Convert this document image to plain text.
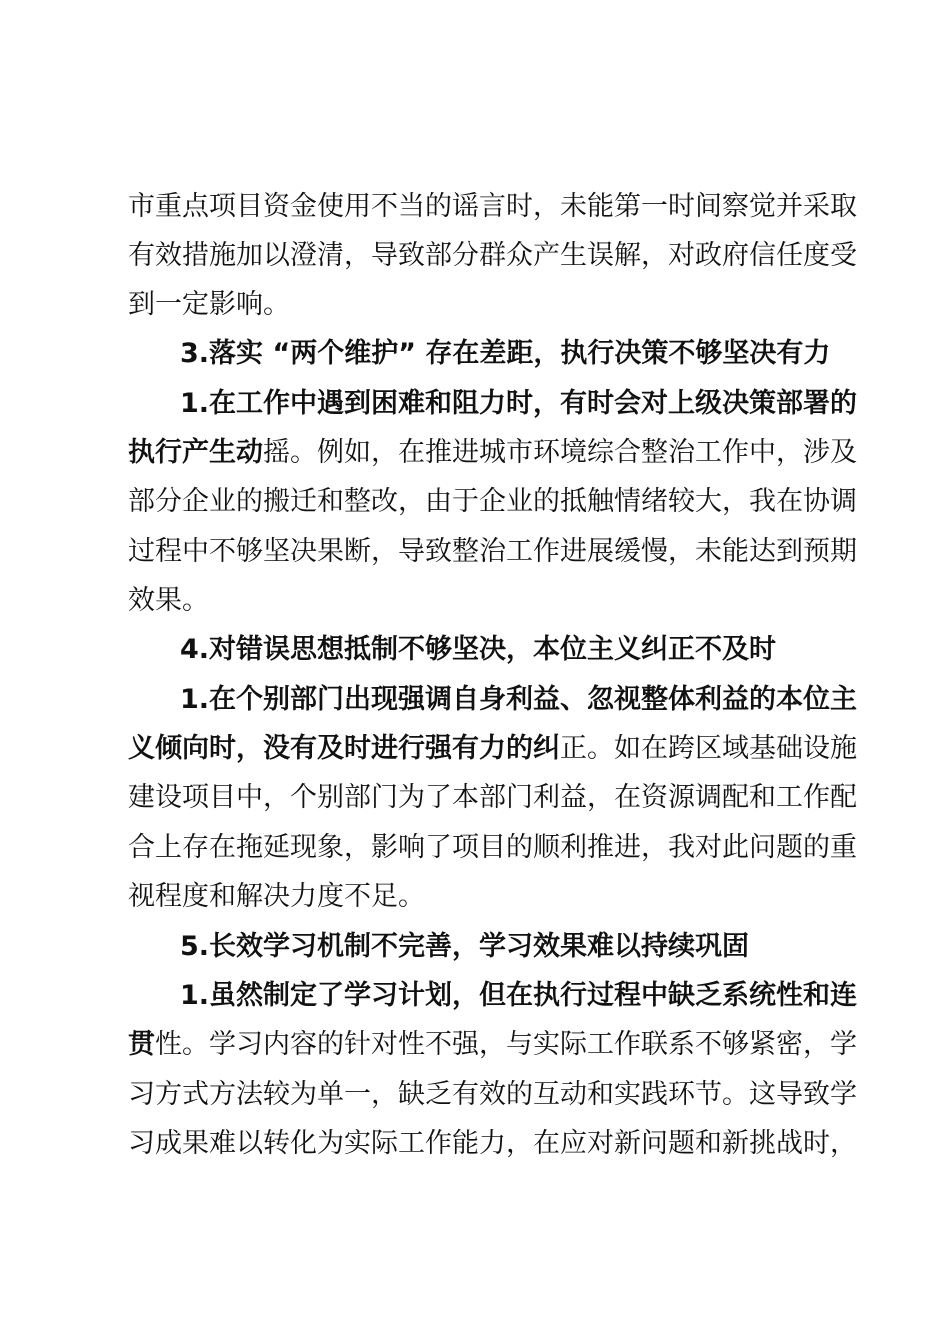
市重点项目资金使用不当的谣言时，未能第一时间察觉并采取
有效措施加以澄清，导致部分群众产生误解，对政府信任度受
到一定影响。
3.落实 “两个维护” 存在差距，执行决策不够坚决有力
1.在工作中遇到困难和阻力时，有时会对上级决策部署的
执行产生动摇。例如，在推进城市环境综合整治工作中，涉及
部分企业的搬迁和整改，由于企业的抵触情绪较大，我在协调
过程中不够坚决果断，导致整治工作进展缓慢，未能达到预期
效果。
4.对错误思想抵制不够坚决，本位主义纠正不及时
1.在个别部门出现强调自身利益、忽视整体利益的本位主
义倾向时，没有及时进行强有力的纠正。如在跨区域基础设施
建设项目中，个别部门为了本部门利益，在资源调配和工作配
合上存在拖延现象，影响了项目的顺利推进，我对此问题的重
视程度和解决力度不足。
5.长效学习机制不完善，学习效果难以持续巩固
1.虽然制定了学习计划，但在执行过程中缺乏系统性和连
贯性。学习内容的针对性不强，与实际工作联系不够紧密，学
习方式方法较为单一，缺乏有效的互动和实践环节。这导致学
习成果难以转化为实际工作能力，在应对新问题和新挑战时，
